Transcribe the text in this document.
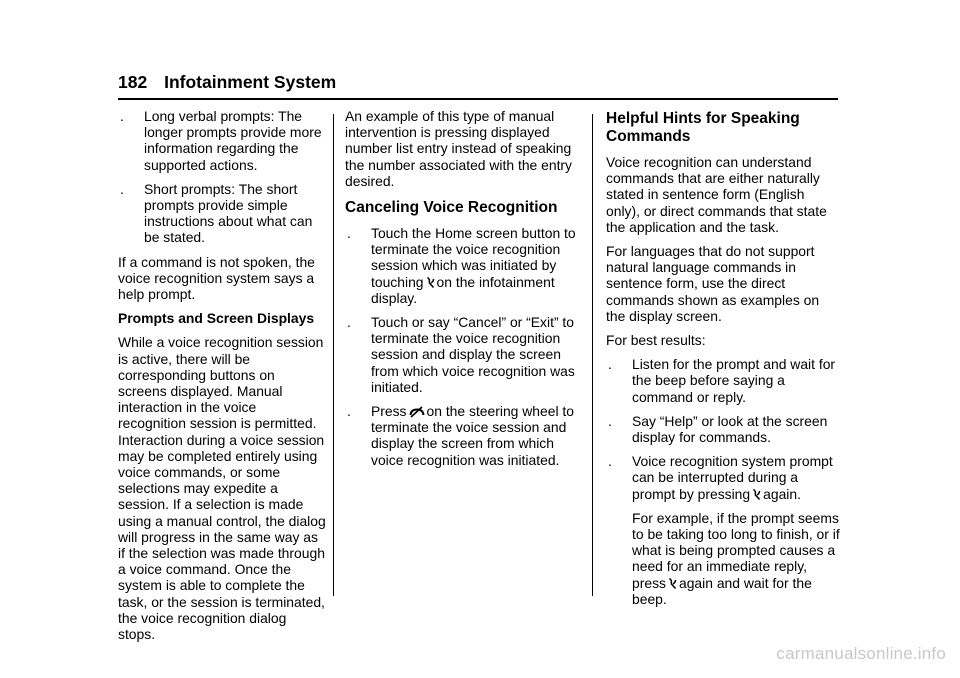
182 Infotainment System
. Long verbal prompts: The longer prompts provide more information regarding the supported actions.
. Short prompts: The short prompts provide simple instructions about what can be stated.

If a command is not spoken, the voice recognition system says a help prompt.

Prompts and Screen Displays

While a voice recognition session is active, there will be corresponding buttons on screens displayed. Manual interaction in the voice recognition session is permitted. Interaction during a voice session may be completed entirely using voice commands, or some selections may expedite a session. If a selection is made using a manual control, the dialog will progress in the same way as if the selection was made through a voice command. Once the system is able to complete the task, or the session is terminated, the voice recognition dialog stops.

An example of this type of manual intervention is pressing displayed number list entry instead of speaking the number associated with the entry desired.

Canceling Voice Recognition
. Touch the Home screen button to terminate the voice recognition session which was initiated by touching on the infotainment display.
. Touch or say “Cancel” or “Exit” to terminate the voice recognition session and display the screen from which voice recognition was initiated.
. Press on the steering wheel to terminate the voice session and display the screen from which voice recognition was initiated.
Helpful Hints for Speaking Commands

Voice recognition can understand commands that are either naturally stated in sentence form (English only), or direct commands that state the application and the task.

For languages that do not support natural language commands in sentence form, use the direct commands shown as examples on the display screen.

For best results:

. Listen for the prompt and wait for the beep before saying a command or reply.
. Say “Help” or look at the screen display for commands.
. Voice recognition system prompt can be interrupted during a prompt by pressing again.

For example, if the prompt seems to be taking too long to finish, or if what is being prompted causes a need for an immediate reply, press again and wait for the beep.

carmanualsonline.info
